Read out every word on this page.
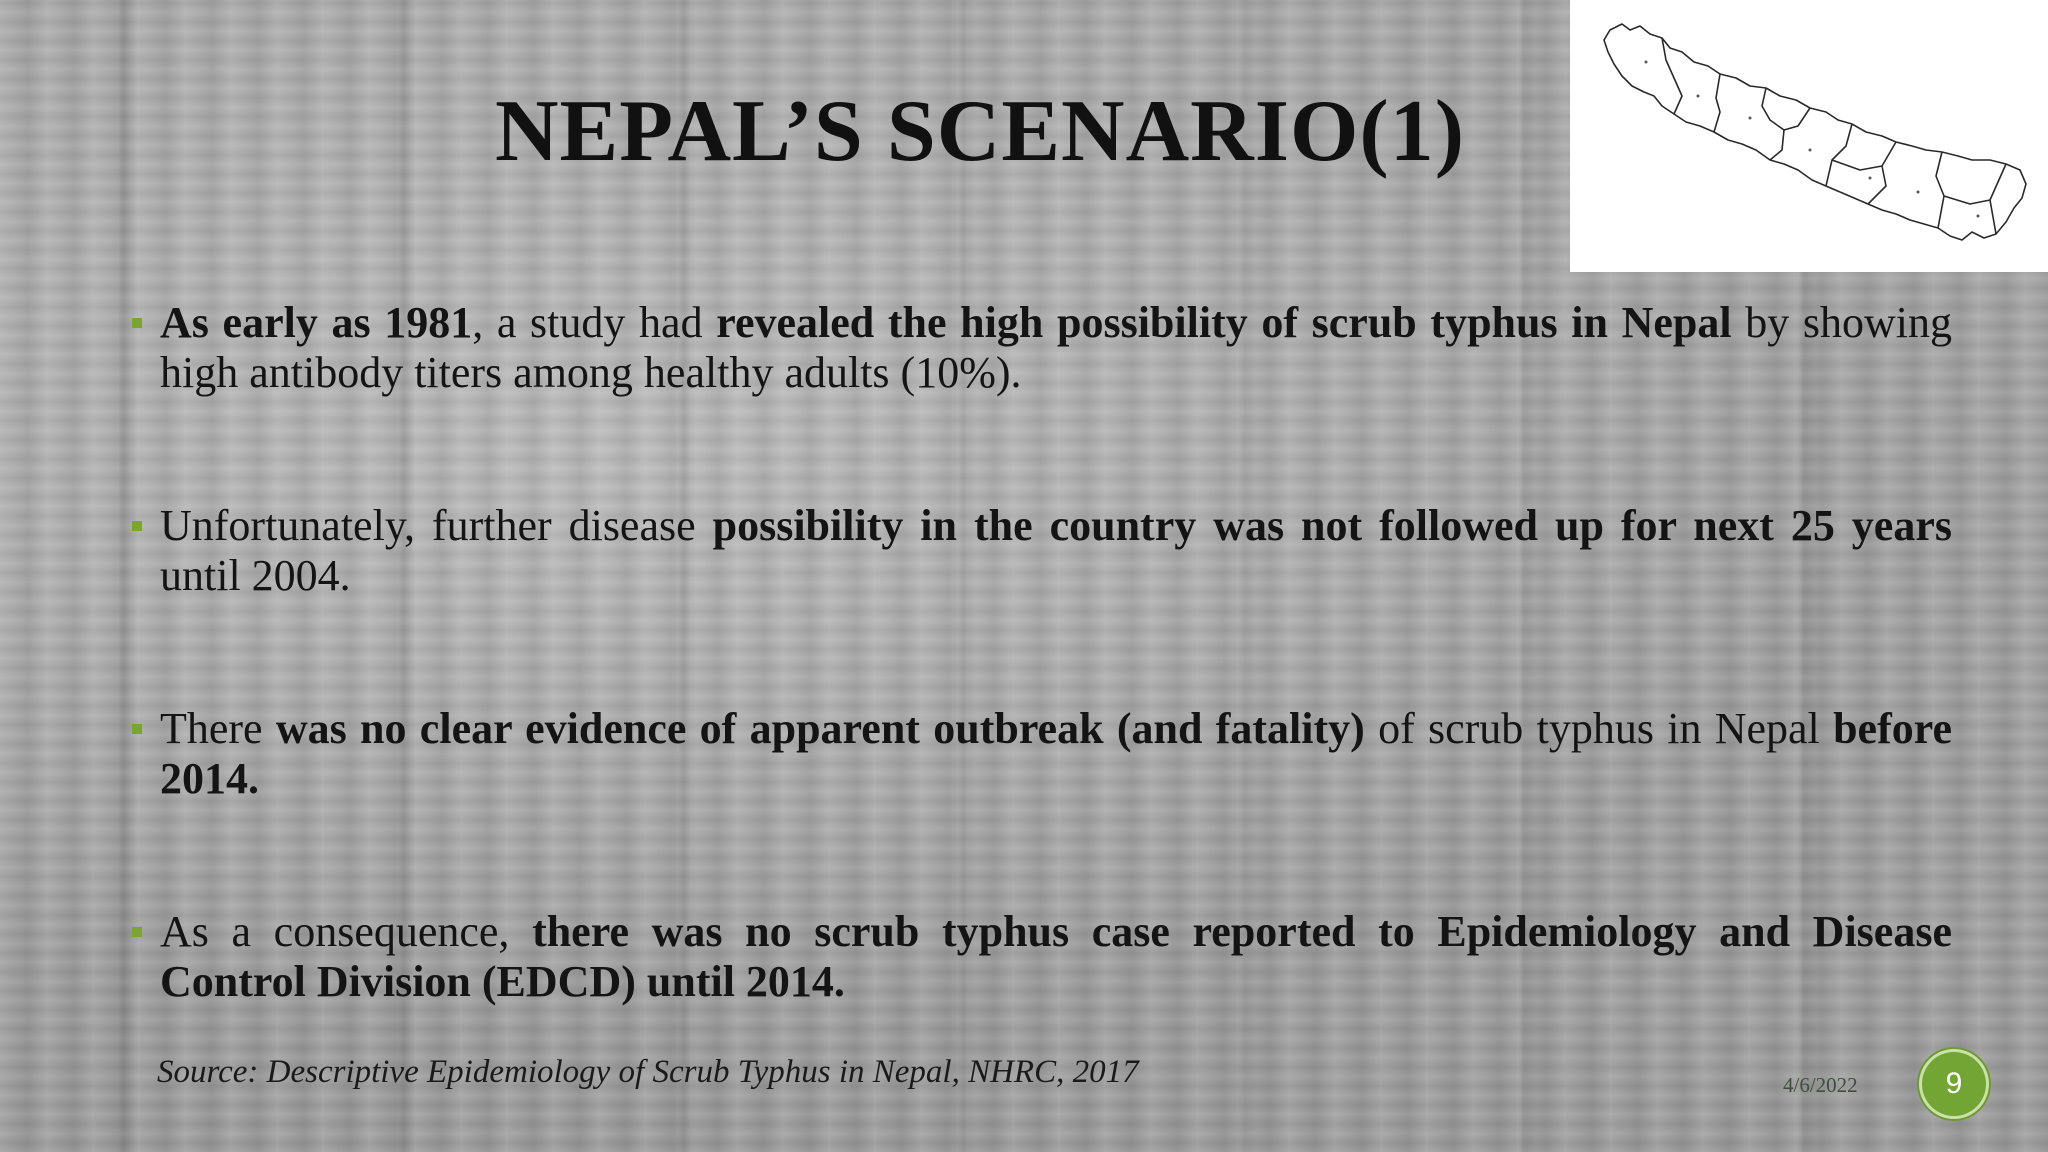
NEPAL’S SCENARIO(1)
As early as 1981, a study had revealed the high possibility of scrub typhus in Nepal by showing high antibody titers among healthy adults (10%).
Unfortunately, further disease possibility in the country was not followed up for next 25 years until 2004.
There was no clear evidence of apparent outbreak (and fatality) of scrub typhus in Nepal before 2014.
As a consequence, there was no scrub typhus case reported to Epidemiology and Disease Control Division (EDCD) until 2014.
Source: Descriptive Epidemiology of Scrub Typhus in Nepal, NHRC, 2017	4/6/2022	9
